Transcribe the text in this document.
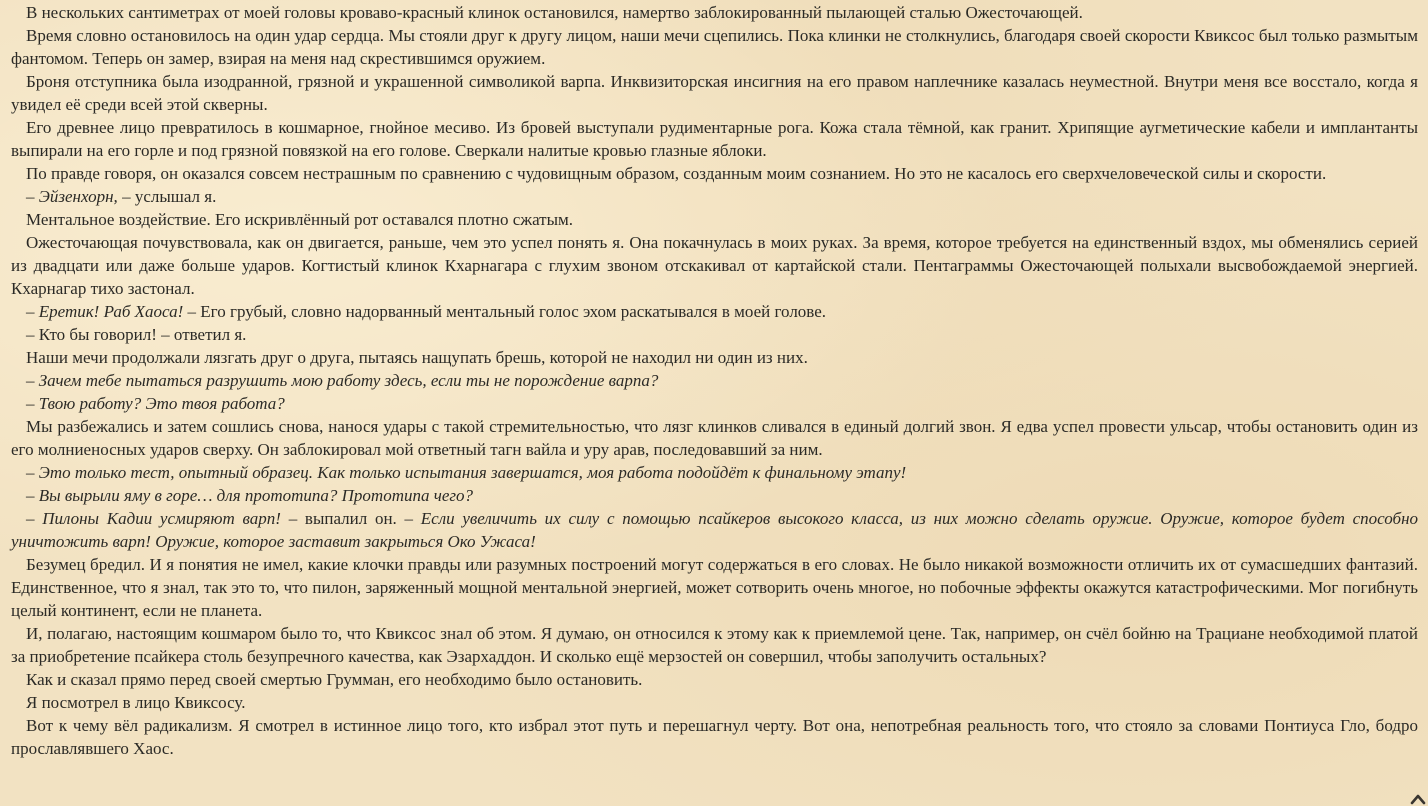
В нескольких сантиметрах от моей головы кроваво-красный клинок остановился, намертво заблокированный пылающей сталью Ожесточающей.

Время словно остановилось на один удар сердца. Мы стояли друг к другу лицом, наши мечи сцепились. Пока клинки не столкнулись, благодаря своей скорости Квиксос был только размытым фантомом. Теперь он замер, взирая на меня над скрестившимся оружием.

Броня отступника была изодранной, грязной и украшенной символикой варпа. Инквизиторская инсигния на его правом наплечнике казалась неуместной. Внутри меня все восстало, когда я увидел её среди всей этой скверны.

Его древнее лицо превратилось в кошмарное, гнойное месиво. Из бровей выступали рудиментарные рога. Кожа стала тёмной, как гранит. Хрипящие аугметические кабели и имплантанты выпирали на его горле и под грязной повязкой на его голове. Сверкали налитые кровью глазные яблоки.

По правде говоря, он оказался совсем нестрашным по сравнению с чудовищным образом, созданным моим сознанием. Но это не касалось его сверхчеловеческой силы и скорости.

– Эйзенхорн, – услышал я.

Ментальное воздействие. Его искривлённый рот оставался плотно сжатым.

Ожесточающая почувствовала, как он двигается, раньше, чем это успел понять я. Она покачнулась в моих руках. За время, которое требуется на единственный вздох, мы обменялись серией из двадцати или даже больше ударов. Когтистый клинок Кхарнагара с глухим звоном отскакивал от картайской стали. Пентаграммы Ожесточающей полыхали высвобождаемой энергией. Кхарнагар тихо застонал.

– Еретик! Раб Хаоса! – Его грубый, словно надорванный ментальный голос эхом раскатывался в моей голове.

– Кто бы говорил! – ответил я.

Наши мечи продолжали лязгать друг о друга, пытаясь нащупать брешь, которой не находил ни один из них.

– Зачем тебе пытаться разрушить мою работу здесь, если ты не порождение варпа?

– Твою работу? Это твоя работа?

Мы разбежались и затем сошлись снова, нанося удары с такой стремительностью, что лязг клинков сливался в единый долгий звон. Я едва успел провести ульсар, чтобы остановить один из его молниеносных ударов сверху. Он заблокировал мой ответный тагн вайла и уру арав, последовавший за ним.

– Это только тест, опытный образец. Как только испытания завершатся, моя работа подойдёт к финальному этапу!

– Вы вырыли яму в горе… для прототипа? Прототипа чего?

– Пилоны Кадии усмиряют варп! – выпалил он. – Если увеличить их силу с помощью псайкеров высокого класса, из них можно сделать оружие. Оружие, которое будет способно уничтожить варп! Оружие, которое заставит закрыться Око Ужаса!

Безумец бредил. И я понятия не имел, какие клочки правды или разумных построений могут содержаться в его словах. Не было никакой возможности отличить их от сумасшедших фантазий. Единственное, что я знал, так это то, что пилон, заряженный мощной ментальной энергией, может сотворить очень многое, но побочные эффекты окажутся катастрофическими. Мог погибнуть целый континент, если не планета.

И, полагаю, настоящим кошмаром было то, что Квиксос знал об этом. Я думаю, он относился к этому как к приемлемой цене. Так, например, он счёл бойню на Трациане необходимой платой за приобретение псайкера столь безупречного качества, как Эзархаддон. И сколько ещё мерзостей он совершил, чтобы заполучить остальных?

Как и сказал прямо перед своей смертью Грумман, его необходимо было остановить.

Я посмотрел в лицо Квиксосу.

Вот к чему вёл радикализм. Я смотрел в истинное лицо того, кто избрал этот путь и перешагнул черту. Вот она, непотребная реальность того, что стояло за словами Понтиуса Гло, бодро прославлявшего Хаос.
